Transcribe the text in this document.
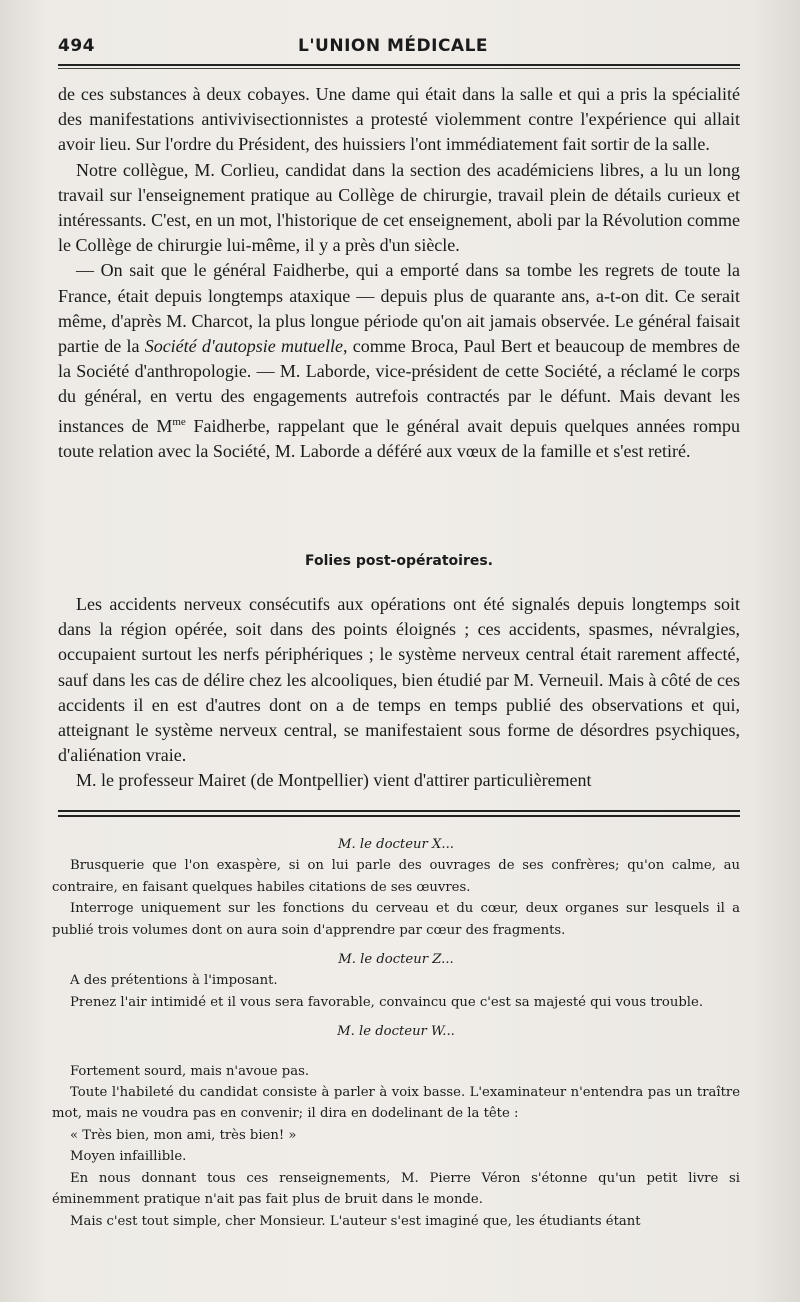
494	L'UNION MÉDICALE

de ces substances à deux cobayes. Une dame qui était dans la salle et qui a pris la spécialité des manifestations antivivisectionnistes a protesté violemment contre l'expérience qui allait avoir lieu. Sur l'ordre du Président, des huissiers l'ont immédiatement fait sortir de la salle.

Notre collègue, M. Corlieu, candidat dans la section des académiciens libres, a lu un long travail sur l'enseignement pratique au Collège de chirurgie, travail plein de détails curieux et intéressants. C'est, en un mot, l'historique de cet enseignement, aboli par la Révolution comme le Collège de chirurgie lui-même, il y a près d'un siècle.

— On sait que le général Faidherbe, qui a emporté dans sa tombe les regrets de toute la France, était depuis longtemps ataxique — depuis plus de quarante ans, a-t-on dit. Ce serait même, d'après M. Charcot, la plus longue période qu'on ait jamais observée. Le général faisait partie de la Société d'autopsie mutuelle, comme Broca, Paul Bert et beaucoup de membres de la Société d'anthropologie. — M. Laborde, vice-président de cette Société, a réclamé le corps du général, en vertu des engagements autrefois contractés par le défunt. Mais devant les instances de $M^{me}$ Faidherbe, rappelant que le général avait depuis quelques années rompu toute relation avec la Société, M. Laborde a déféré aux vœux de la famille et s'est retiré.

Folies post-opératoires.

Les accidents nerveux consécutifs aux opérations ont été signalés depuis longtemps soit dans la région opérée, soit dans des points éloignés ; ces accidents, spasmes, névralgies, occupaient surtout les nerfs périphériques ; le système nerveux central était rarement affecté, sauf dans les cas de délire chez les alcooliques, bien étudié par M. Verneuil. Mais à côté de ces accidents il en est d'autres dont on a de temps en temps publié des observations et qui, atteignant le système nerveux central, se manifestaient sous forme de désordres psychiques, d'aliénation vraie.

M. le professeur Mairet (de Montpellier) vient d'attirer particulièrement

M. le docteur X...

Brusquerie que l'on exaspère, si on lui parle des ouvrages de ses confrères; qu'on calme, au contraire, en faisant quelques habiles citations de ses œuvres.

Interroge uniquement sur les fonctions du cerveau et du cœur, deux organes sur lesquels il a publié trois volumes dont on aura soin d'apprendre par cœur des fragments.

M. le docteur Z...

A des prétentions à l'imposant.

Prenez l'air intimidé et il vous sera favorable, convaincu que c'est sa majesté qui vous trouble.

M. le docteur W...

Fortement sourd, mais n'avoue pas.

Toute l'habileté du candidat consiste à parler à voix basse. L'examinateur n'entendra pas un traître mot, mais ne voudra pas en convenir; il dira en dodelinant de la tête :

« Très bien, mon ami, très bien! »

Moyen infaillible.

En nous donnant tous ces renseignements, M. Pierre Véron s'étonne qu'un petit livre si éminemment pratique n'ait pas fait plus de bruit dans le monde.

Mais c'est tout simple, cher Monsieur. L'auteur s'est imaginé que, les étudiants étant
